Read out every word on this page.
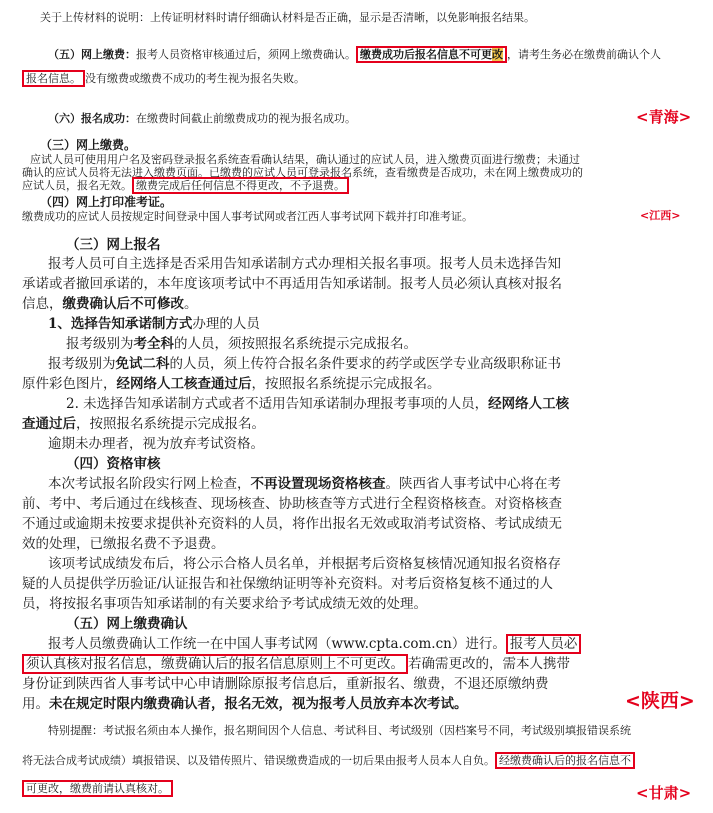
关于上传材料的说明：上传证明材料时请仔细确认材料是否正确，显示是否清晰，以免影响报名结果。
（五）网上缴费：报考人员资格审核通过后，须网上缴费确认。 缴费成功后报名信息不可更改 ，请考生务必在缴费前确认个人
报名信息。 没有缴费或缴费不成功的考生视为报名失败。
（六）报名成功：在缴费时间截止前缴费成功的视为报名成功。	<青海>
（三）网上缴费。
应试人员可使用用户名及密码登录报名系统查看确认结果，确认通过的应试人员，进入缴费页面进行缴费；未通过
确认的应试人员将无法进入缴费页面。已缴费的应试人员可登录报名系统，查看缴费是否成功，未在网上缴费成功的
应试人员，报名无效。 缴费完成后任何信息不得更改，不予退费。
（四）网上打印准考证。
缴费成功的应试人员按规定时间登录中国人事考试网或者江西人事考试网下载并打印准考证。	<江西>
（三）网上报名
报考人员可自主选择是否采用告知承诺制方式办理相关报名事项。报考人员未选择告知
承诺或者撤回承诺的，本年度该项考试中不再适用告知承诺制。报考人员必须认真核对报名
信息，缴费确认后不可修改。
1、选择告知承诺制方式办理的人员
报考级别为考全科的人员，须按照报名系统提示完成报名。
报考级别为免试二科的人员，须上传符合报名条件要求的药学或医学专业高级职称证书
原件彩色图片，经网络人工核查通过后，按照报名系统提示完成报名。
2. 未选择告知承诺制方式或者不适用告知承诺制办理报考事项的人员，经网络人工核
查通过后，按照报名系统提示完成报名。
逾期未办理者，视为放弃考试资格。
（四）资格审核
本次考试报名阶段实行网上检查，不再设置现场资格核查。陕西省人事考试中心将在考
前、考中、考后通过在线核查、现场核查、协助核查等方式进行全程资格核查。对资格核查
不通过或逾期未按要求提供补充资料的人员，将作出报名无效或取消考试资格、考试成绩无
效的处理，已缴报名费不予退费。
该项考试成绩发布后，将公示合格人员名单，并根据考后资格复核情况通知报名资格存
疑的人员提供学历验证/认证报告和社保缴纳证明等补充资料。对考后资格复核不通过的人
员，将按报名事项告知承诺制的有关要求给予考试成绩无效的处理。
（五）网上缴费确认
报考人员缴费确认工作统一在中国人事考试网（www.cpta.com.cn）进行。 报考人员必
须认真核对报名信息，缴费确认后的报名信息原则上不可更改。 若确需更改的，需本人携带
身份证到陕西省人事考试中心申请删除原报考信息后，重新报名、缴费，不退还原缴纳费
用。未在规定时限内缴费确认者，报名无效，视为报考人员放弃本次考试。	<陕西>
特别提醒：考试报名须由本人操作，报名期间因个人信息、考试科目、考试级别（因档案号不同，考试级别填报错误系统
将无法合成考试成绩）填报错误、以及错传照片、错误缴费造成的一切后果由报考人员本人自负。 经缴费确认后的报名信息不
可更改，缴费前请认真核对。	<甘肃>
